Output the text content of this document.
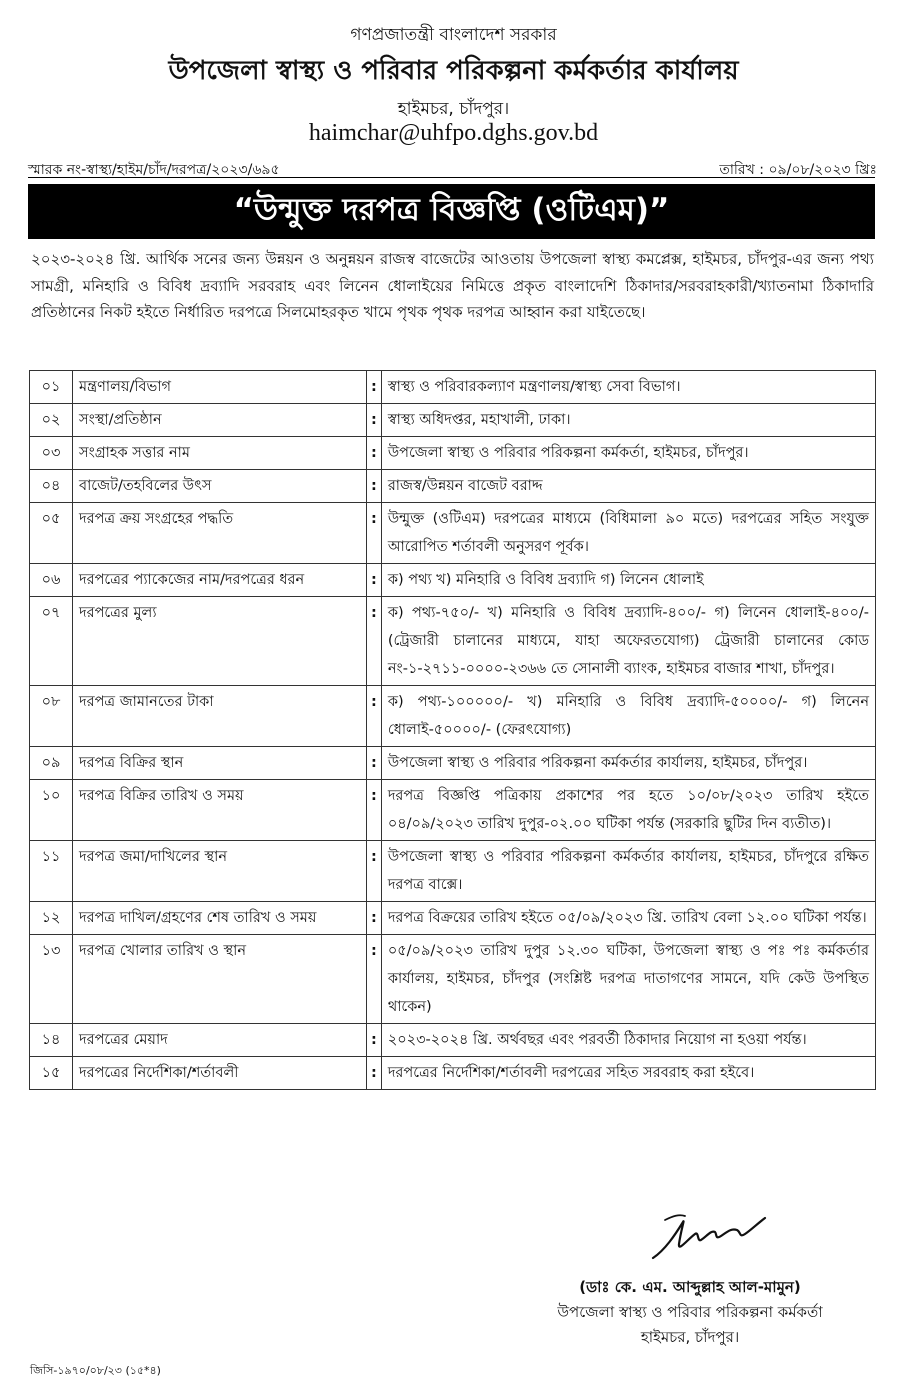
গণপ্রজাতন্ত্রী বাংলাদেশ সরকার
উপজেলা স্বাস্থ্য ও পরিবার পরিকল্পনা কর্মকর্তার কার্যালয়
হাইমচর, চাঁদপুর।
haimchar@uhfpo.dghs.gov.bd
স্মারক নং-স্বাস্থ্য/হাইম/চাঁদ/দরপত্র/২০২৩/৬৯৫	তারিখ : ০৯/০৮/২০২৩ খ্রিঃ
“উন্মুক্ত দরপত্র বিজ্ঞপ্তি (ওটিএম)”
২০২৩-২০২৪ খ্রি. আর্থিক সনের জন্য উন্নয়ন ও অনুন্নয়ন রাজস্ব বাজেটের আওতায় উপজেলা স্বাস্থ্য কমপ্লেক্স, হাইমচর, চাঁদপুর-এর জন্য পথ্য সামগ্রী, মনিহারি ও বিবিধ দ্রব্যাদি সরবরাহ এবং লিনেন ধোলাইয়ের নিমিত্তে প্রকৃত বাংলাদেশি ঠিকাদার/সরবরাহকারী/খ্যাতনামা ঠিকাদারি প্রতিষ্ঠানের নিকট হইতে নির্ধারিত দরপত্রে সিলমোহরকৃত খামে পৃথক পৃথক দরপত্র আহ্বান করা যাইতেছে।
০১	মন্ত্রণালয়/বিভাগ	:	স্বাস্থ্য ও পরিবারকল্যাণ মন্ত্রণালয়/স্বাস্থ্য সেবা বিভাগ।
০২	সংস্থা/প্রতিষ্ঠান	:	স্বাস্থ্য অধিদপ্তর, মহাখালী, ঢাকা।
০৩	সংগ্রাহক সত্তার নাম	:	উপজেলা স্বাস্থ্য ও পরিবার পরিকল্পনা কর্মকর্তা, হাইমচর, চাঁদপুর।
০৪	বাজেট/তহবিলের উৎস	:	রাজস্ব/উন্নয়ন বাজেট বরাদ্দ
০৫	দরপত্র ক্রয় সংগ্রহের পদ্ধতি	:	উন্মুক্ত (ওটিএম) দরপত্রের মাধ্যমে (বিধিমালা ৯০ মতে) দরপত্রের সহিত সংযুক্ত আরোপিত শর্তাবলী অনুসরণ পূর্বক।
০৬	দরপত্রের প্যাকেজের নাম/দরপত্রের ধরন	:	ক) পথ্য খ) মনিহারি ও বিবিধ দ্রব্যাদি গ) লিনেন ধোলাই
০৭	দরপত্রের মুল্য	:	ক) পথ্য-৭৫০/- খ) মনিহারি ও বিবিধ দ্রব্যাদি-৪০০/- গ) লিনেন ধোলাই-৪০০/- (ট্রেজারী চালানের মাধ্যমে, যাহা অফেরতযোগ্য) ট্রেজারী চালানের কোড নং-১-২৭১১-০০০০-২৩৬৬ তে সোনালী ব্যাংক, হাইমচর বাজার শাখা, চাঁদপুর।
০৮	দরপত্র জামানতের টাকা	:	ক) পথ্য-১০০০০০/- খ) মনিহারি ও বিবিধ দ্রব্যাদি-৫০০০০/- গ) লিনেন ধোলাই-৫০০০০/- (ফেরৎযোগ্য)
০৯	দরপত্র বিক্রির স্থান	:	উপজেলা স্বাস্থ্য ও পরিবার পরিকল্পনা কর্মকর্তার কার্যালয়, হাইমচর, চাঁদপুর।
১০	দরপত্র বিক্রির তারিখ ও সময়	:	দরপত্র বিজ্ঞপ্তি পত্রিকায় প্রকাশের পর হতে ১০/০৮/২০২৩ তারিখ হইতে ০৪/০৯/২০২৩ তারিখ দুপুর-০২.০০ ঘটিকা পর্যন্ত (সরকারি ছুটির দিন ব্যতীত)।
১১	দরপত্র জমা/দাখিলের স্থান	:	উপজেলা স্বাস্থ্য ও পরিবার পরিকল্পনা কর্মকর্তার কার্যালয়, হাইমচর, চাঁদপুরে রক্ষিত দরপত্র বাক্সে।
১২	দরপত্র দাখিল/গ্রহণের শেষ তারিখ ও সময়	:	দরপত্র বিক্রয়ের তারিখ হইতে ০৫/০৯/২০২৩ খ্রি. তারিখ বেলা ১২.০০ ঘটিকা পর্যন্ত।
১৩	দরপত্র খোলার তারিখ ও স্থান	:	০৫/০৯/২০২৩ তারিখ দুপুর ১২.৩০ ঘটিকা, উপজেলা স্বাস্থ্য ও পঃ পঃ কর্মকর্তার কার্যালয়, হাইমচর, চাঁদপুর (সংশ্লিষ্ট দরপত্র দাতাগণের সামনে, যদি কেউ উপস্থিত থাকেন)
১৪	দরপত্রের মেয়াদ	:	২০২৩-২০২৪ খ্রি. অর্থবছর এবং পরবর্তী ঠিকাদার নিয়োগ না হওয়া পর্যন্ত।
১৫	দরপত্রের নির্দেশিকা/শর্তাবলী	:	দরপত্রের নির্দেশিকা/শর্তাবলী দরপত্রের সহিত সরবরাহ করা হইবে।
(ডাঃ কে. এম. আব্দুল্লাহ আল-মামুন)
উপজেলা স্বাস্থ্য ও পরিবার পরিকল্পনা কর্মকর্তা
হাইমচর, চাঁদপুর।
জিসি-১৯৭০/০৮/২৩ (১৫*৪)
